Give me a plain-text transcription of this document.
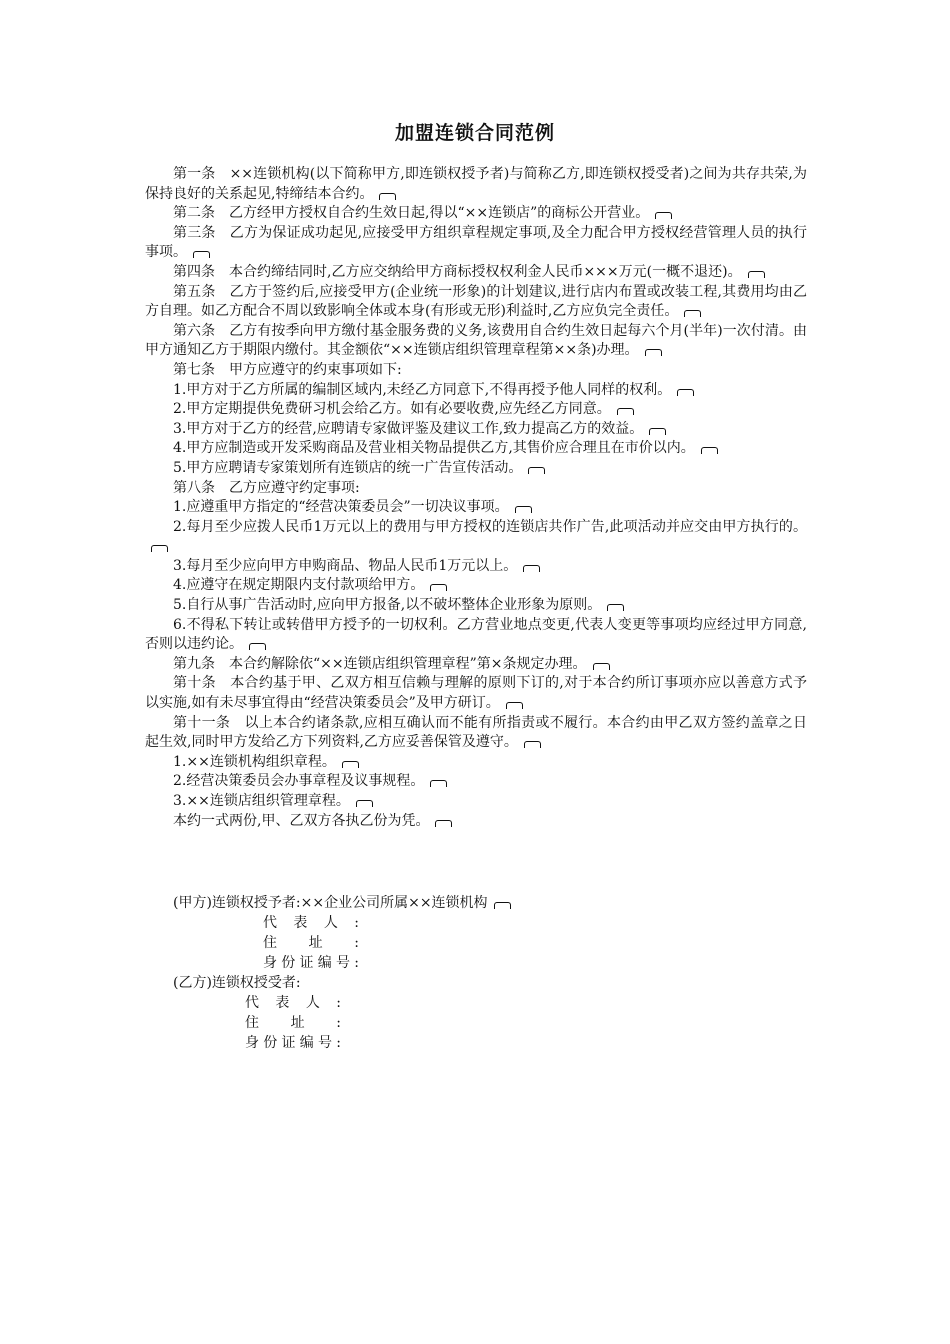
加盟连锁合同范例

第一条　××连锁机构(以下简称甲方,即连锁权授予者)与简称乙方,即连锁权授受者)之间为共存共荣,为保持良好的关系起见,特缔结本合约。

第二条　乙方经甲方授权自合约生效日起,得以“××连锁店”的商标公开营业。

第三条　乙方为保证成功起见,应接受甲方组织章程规定事项,及全力配合甲方授权经营管理人员的执行事项。

第四条　本合约缔结同时,乙方应交纳给甲方商标授权权利金人民币×××万元(一概不退还)。

第五条　乙方于签约后,应接受甲方(企业统一形象)的计划建议,进行店内布置或改装工程,其费用均由乙方自理。如乙方配合不周以致影响全体或本身(有形或无形)利益时,乙方应负完全责任。

第六条　乙方有按季向甲方缴付基金服务费的义务,该费用自合约生效日起每六个月(半年)一次付清。由甲方通知乙方于期限内缴付。其金额依“××连锁店组织管理章程第××条)办理。

第七条　甲方应遵守的约束事项如下:

1.甲方对于乙方所属的编制区域内,未经乙方同意下,不得再授予他人同样的权利。

2.甲方定期提供免费研习机会给乙方。如有必要收费,应先经乙方同意。

3.甲方对于乙方的经营,应聘请专家做评鉴及建议工作,致力提高乙方的效益。

4.甲方应制造或开发采购商品及营业相关物品提供乙方,其售价应合理且在市价以内。

5.甲方应聘请专家策划所有连锁店的统一广告宣传活动。

第八条　乙方应遵守约定事项:

1.应遵重甲方指定的“经营决策委员会”一切决议事项。

2.每月至少应拨人民币1万元以上的费用与甲方授权的连锁店共作广告,此项活动并应交由甲方执行的。

3.每月至少应向甲方申购商品、物品人民币1万元以上。

4.应遵守在规定期限内支付款项给甲方。

5.自行从事广告活动时,应向甲方报备,以不破坏整体企业形象为原则。

6.不得私下转让或转借甲方授予的一切权利。乙方营业地点变更,代表人变更等事项均应经过甲方同意,否则以违约论。

第九条　本合约解除依“××连锁店组织管理章程”第×条规定办理。

第十条　本合约基于甲、乙双方相互信赖与理解的原则下订的,对于本合约所订事项亦应以善意方式予以实施,如有未尽事宜得由“经营决策委员会”及甲方研订。

第十一条　以上本合约诸条款,应相互确认而不能有所指责或不履行。本合约由甲乙双方签约盖章之日起生效,同时甲方发给乙方下列资料,乙方应妥善保管及遵守。

1.××连锁机构组织章程。

2.经营决策委员会办事章程及议事规程。

3.××连锁店组织管理章程。

本约一式两份,甲、乙双方各执乙份为凭。

(甲方)连锁权授予者:××企业公司所属××连锁机构
代表人:
住址:
身份证编号:
(乙方)连锁权授受者:
代表人:
住址:
身份证编号:
